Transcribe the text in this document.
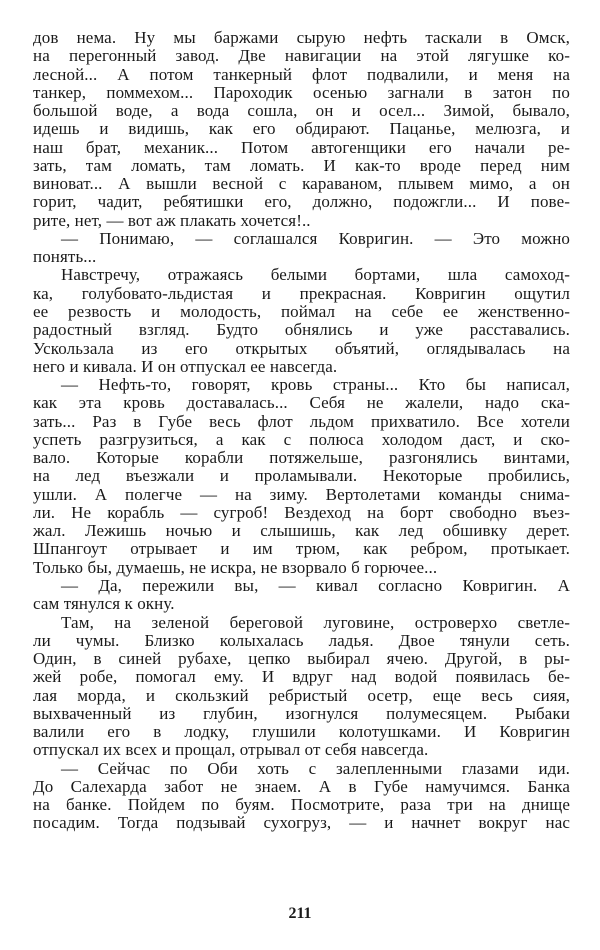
дов нема. Ну мы баржами сырую нефть таскали в Омск,
на перегонный завод. Две навигации на этой лягушке ко-
лесной... А потом танкерный флот подвалили, и меня на
танкер, поммехом... Пароходик осенью загнали в затон по
большой воде, а вода сошла, он и осел... Зимой, бывало,
идешь и видишь, как его обдирают. Пацанье, мелюзга, и
наш брат, механик... Потом автогенщики его начали ре-
зать, там ломать, там ломать. И как-то вроде перед ним
виноват... А вышли весной с караваном, плывем мимо, а он
горит, чадит, ребятишки его, должно, подожгли... И пове-
рите, нет, — вот аж плакать хочется!..
— Понимаю, — соглашался Ковригин. — Это можно
понять...
Навстречу, отражаясь белыми бортами, шла самоход-
ка, голубовато-льдистая и прекрасная. Ковригин ощутил
ее резвость и молодость, поймал на себе ее женственно-
радостный взгляд. Будто обнялись и уже расставались.
Ускользала из его открытых объятий, оглядывалась на
него и кивала. И он отпускал ее навсегда.
— Нефть-то, говорят, кровь страны... Кто бы написал,
как эта кровь доставалась... Себя не жалели, надо ска-
зать... Раз в Губе весь флот льдом прихватило. Все хотели
успеть разгрузиться, а как с полюса холодом даст, и ско-
вало. Которые корабли потяжельше, разгонялись винтами,
на лед въезжали и проламывали. Некоторые пробились,
ушли. А полегче — на зиму. Вертолетами команды снима-
ли. Не корабль — сугроб! Вездеход на борт свободно въез-
жал. Лежишь ночью и слышишь, как лед обшивку дерет.
Шпангоут отрывает и им трюм, как ребром, протыкает.
Только бы, думаешь, не искра, не взорвало б горючее...
— Да, пережили вы, — кивал согласно Ковригин. А
сам тянулся к окну.
Там, на зеленой береговой луговине, островерхо светле-
ли чумы. Близко колыхалась ладья. Двое тянули сеть.
Один, в синей рубахе, цепко выбирал ячею. Другой, в ры-
жей робе, помогал ему. И вдруг над водой появилась бе-
лая морда, и скользкий ребристый осетр, еще весь сияя,
выхваченный из глубин, изогнулся полумесяцем. Рыбаки
валили его в лодку, глушили колотушками. И Ковригин
отпускал их всех и прощал, отрывал от себя навсегда.
— Сейчас по Оби хоть с залепленными глазами иди.
До Салехарда забот не знаем. А в Губе намучимся. Банка
на банке. Пойдем по буям. Посмотрите, раза три на днище
посадим. Тогда подзывай сухогруз, — и начнет вокруг нас
211
